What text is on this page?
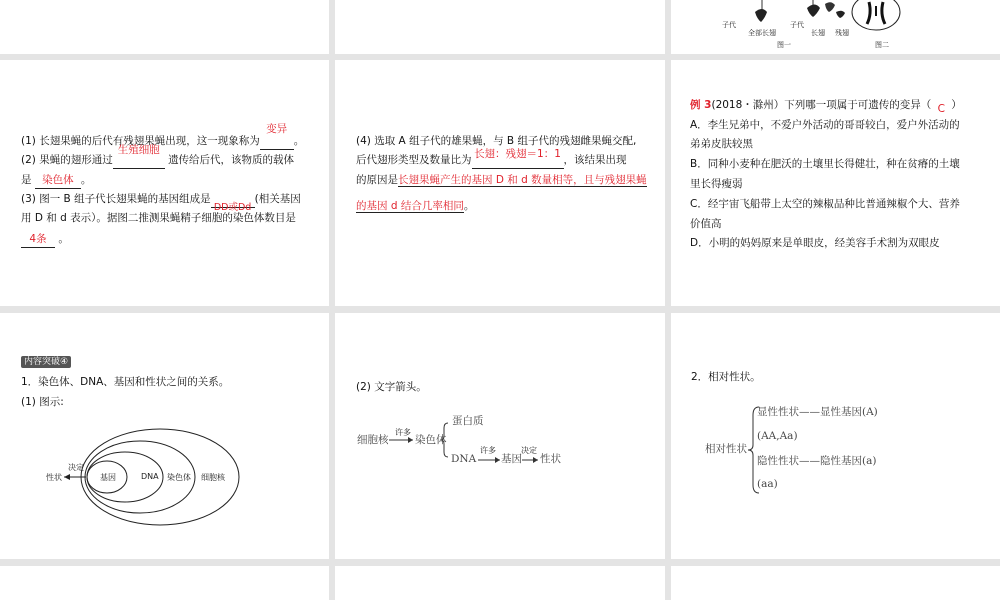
子代
全部长翅
子代
长翅 残翅
图一	图二
(1) 长翅果蝇的后代有残翅果蝇出现，这一现象称为
变异
。
(2) 果蝇的翅形通过
生殖细胞
遗传给后代，该物质的载体
是	染色体 。
(3) 图一 B 组子代长翅果蝇的基因组成是
DD或Dd
(相关基因
用 D 和 d 表示）。据图二推测果蝇精子细胞的染色体数目是
4条 。
(4) 选取 A 组子代的雄果蝇，与 B 组子代的残翅雌果蝇交配,
后代翅形类型及数量比为 长翅：残翅＝1：1 ，该结果出现
的原因是长翅果蝇产生的基因 D 和 d 数量相等，且与残翅果蝇
的基因 d 结合几率相同。
例 3(2018・滁州）下列哪一项属于可遗传的变异（ C ）
A．李生兄弟中，不爱户外活动的哥哥较白，爱户外活动的
弟弟皮肤较黑
B．同种小麦种在肥沃的土壤里长得健壮，种在贫瘠的土壤
里长得瘦弱
C．经宇宙飞船带上太空的辣椒品种比普通辣椒个大、营养
价值高
D．小明的妈妈原来是单眼皮，经美容手术割为双眼皮
内容突破④
1．染色体、DNA、基因和性状之间的关系。
(1) 图示:
性状
决定
基因	DNA 染色体 细胞核
(2) 文字箭头。
细胞核
许多
染色体
蛋白质
DNA
许多
基因
决定
性状
2．相对性状。
相对性状
显性性状——显性基因(A)
(AA,Aa)
隐性性状——隐性基因(a)
(aa)
